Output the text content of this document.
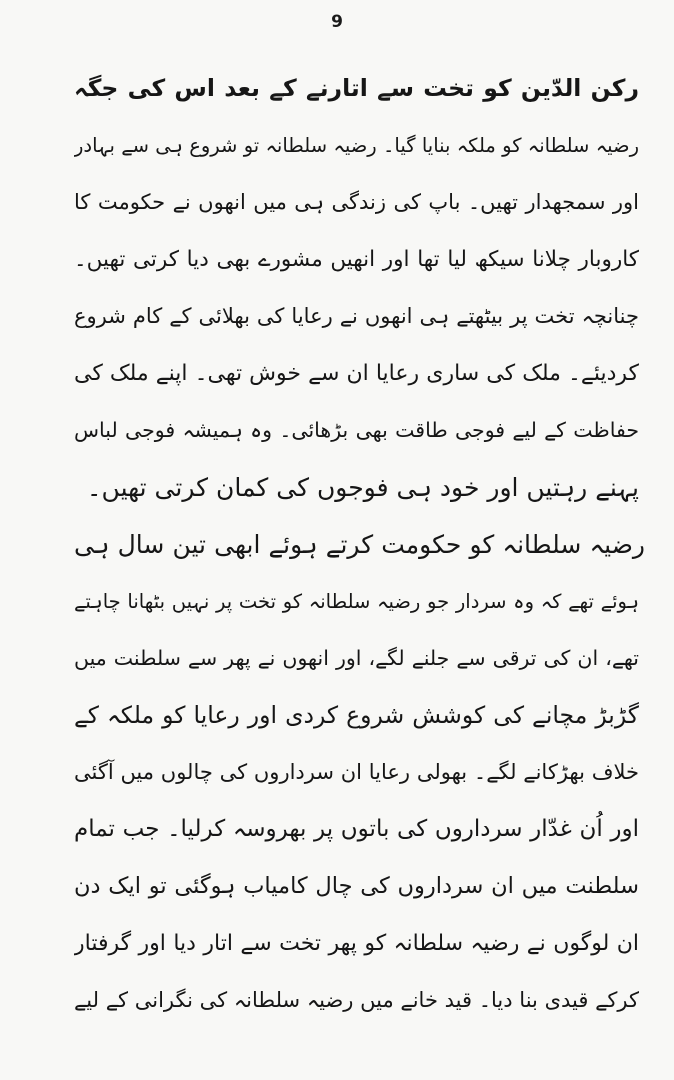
9
رکن الدّین کو تخت سے اتارنے کے بعد اس کی جگہ
رضیہ سلطانہ کو ملکہ بنایا گیا۔ رضیہ سلطانہ تو شروع ہی سے بہادر
اور سمجھدار تھیں۔ باپ کی زندگی ہی میں انھوں نے حکومت کا
کاروبار چلانا سیکھ لیا تھا اور انھیں مشورے بھی دیا کرتی تھیں۔
چنانچہ تخت پر بیٹھتے ہی انھوں نے رعایا کی بھلائی کے کام شروع
کردیئے۔ ملک کی ساری رعایا ان سے خوش تھی۔ اپنے ملک کی
حفاظت کے لیے فوجی طاقت بھی بڑھائی۔ وہ ہمیشہ فوجی لباس
پہنے رہتیں اور خود ہی فوجوں کی کمان کرتی تھیں۔
رضیہ سلطانہ کو حکومت کرتے ہوئے ابھی تین سال ہی
ہوئے تھے کہ وہ سردار جو رضیہ سلطانہ کو تخت پر نہیں بٹھانا چاہتے
تھے، ان کی ترقی سے جلنے لگے، اور انھوں نے پھر سے سلطنت میں
گڑبڑ مچانے کی کوشش شروع کردی اور رعایا کو ملکہ کے
خلاف بھڑکانے لگے۔ بھولی رعایا ان سرداروں کی چالوں میں آگئی
اور اُن غدّار سرداروں کی باتوں پر بھروسہ کرلیا۔ جب تمام
سلطنت میں ان سرداروں کی چال کامیاب ہوگئی تو ایک دن
ان لوگوں نے رضیہ سلطانہ کو پھر تخت سے اتار دیا اور گرفتار
کرکے قیدی بنا دیا۔ قید خانے میں رضیہ سلطانہ کی نگرانی کے لیے
